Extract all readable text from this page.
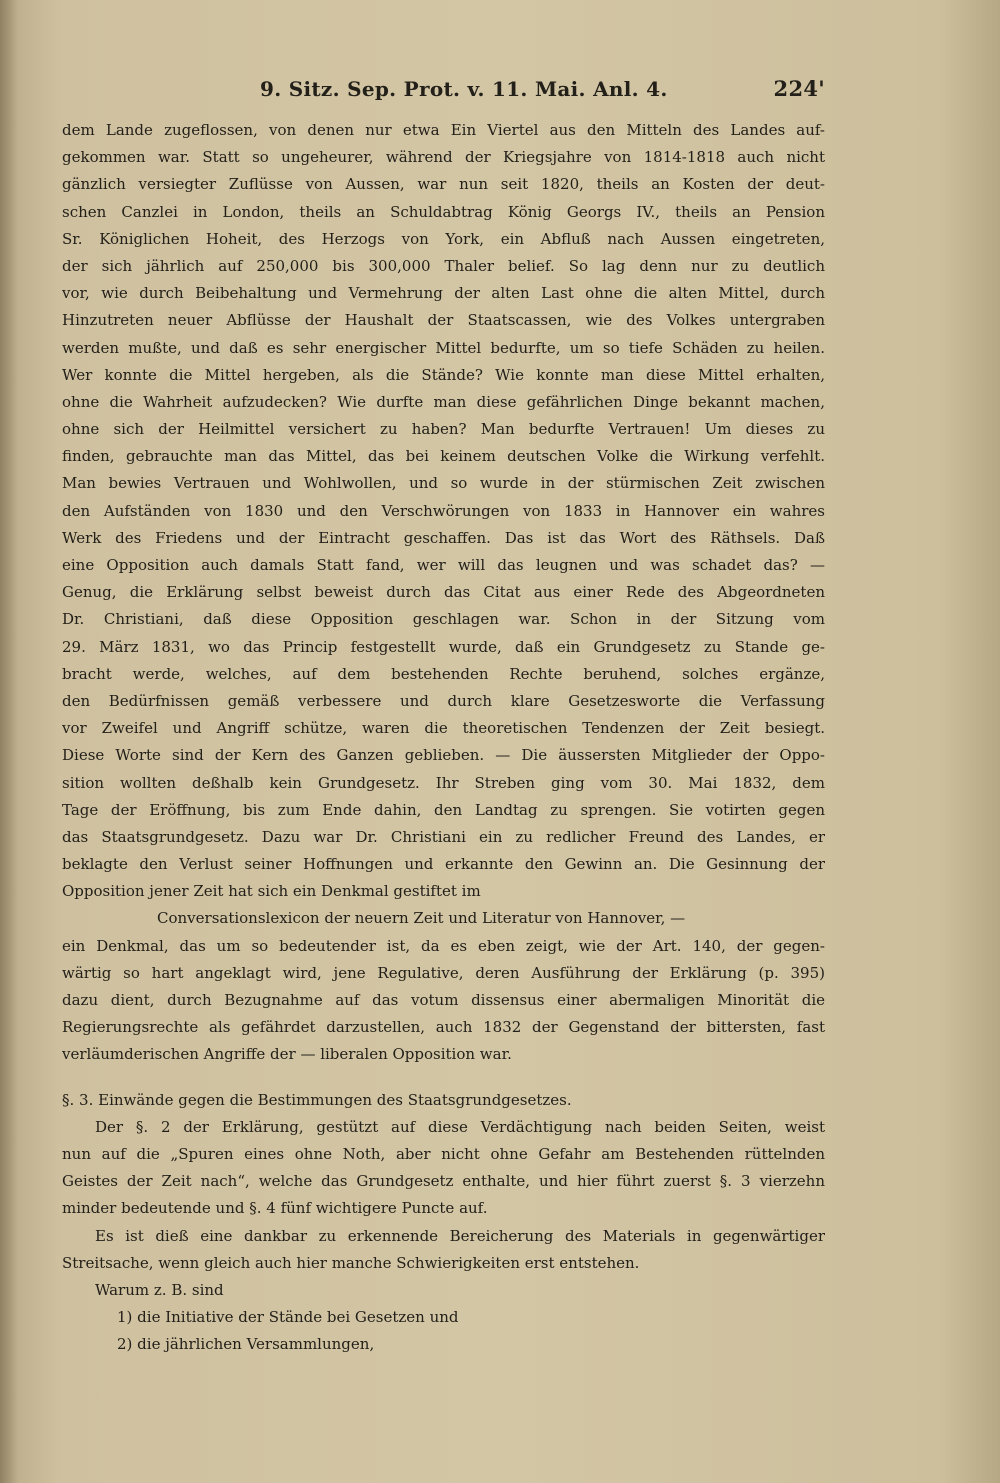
9. Sitz. Sep. Prot. v. 11. Mai. Anl. 4.	224'
dem Lande zugeflossen, von denen nur etwa Ein Viertel aus den Mitteln des Landes auf-
gekommen war. Statt so ungeheurer, während der Kriegsjahre von 1814-1818 auch nicht
gänzlich versiegter Zuflüsse von Aussen, war nun seit 1820, theils an Kosten der deut-
schen Canzlei in London, theils an Schuldabtrag König Georgs IV., theils an Pension
Sr. Königlichen Hoheit, des Herzogs von York, ein Abfluß nach Aussen eingetreten,
der sich jährlich auf 250,000 bis 300,000 Thaler belief. So lag denn nur zu deutlich
vor, wie durch Beibehaltung und Vermehrung der alten Last ohne die alten Mittel, durch
Hinzutreten neuer Abflüsse der Haushalt der Staatscassen, wie des Volkes untergraben
werden mußte, und daß es sehr energischer Mittel bedurfte, um so tiefe Schäden zu heilen.
Wer konnte die Mittel hergeben, als die Stände? Wie konnte man diese Mittel erhalten,
ohne die Wahrheit aufzudecken? Wie durfte man diese gefährlichen Dinge bekannt machen,
ohne sich der Heilmittel versichert zu haben? Man bedurfte Vertrauen! Um dieses zu
finden, gebrauchte man das Mittel, das bei keinem deutschen Volke die Wirkung verfehlt.
Man bewies Vertrauen und Wohlwollen, und so wurde in der stürmischen Zeit zwischen
den Aufständen von 1830 und den Verschwörungen von 1833 in Hannover ein wahres
Werk des Friedens und der Eintracht geschaffen. Das ist das Wort des Räthsels. Daß
eine Opposition auch damals Statt fand, wer will das leugnen und was schadet das? —
Genug, die Erklärung selbst beweist durch das Citat aus einer Rede des Abgeordneten
Dr. Christiani, daß diese Opposition geschlagen war. Schon in der Sitzung vom
29. März 1831, wo das Princip festgestellt wurde, daß ein Grundgesetz zu Stande ge-
bracht werde, welches, auf dem bestehenden Rechte beruhend, solches ergänze,
den Bedürfnissen gemäß verbessere und durch klare Gesetzesworte die Verfassung
vor Zweifel und Angriff schütze, waren die theoretischen Tendenzen der Zeit besiegt.
Diese Worte sind der Kern des Ganzen geblieben. — Die äussersten Mitglieder der Oppo-
sition wollten deßhalb kein Grundgesetz. Ihr Streben ging vom 30. Mai 1832, dem
Tage der Eröffnung, bis zum Ende dahin, den Landtag zu sprengen. Sie votirten gegen
das Staatsgrundgesetz. Dazu war Dr. Christiani ein zu redlicher Freund des Landes, er
beklagte den Verlust seiner Hoffnungen und erkannte den Gewinn an. Die Gesinnung der
Opposition jener Zeit hat sich ein Denkmal gestiftet im
Conversationslexicon der neuern Zeit und Literatur von Hannover, —
ein Denkmal, das um so bedeutender ist, da es eben zeigt, wie der Art. 140, der gegen-
wärtig so hart angeklagt wird, jene Regulative, deren Ausführung der Erklärung (p. 395)
dazu dient, durch Bezugnahme auf das votum dissensus einer abermaligen Minorität die
Regierungsrechte als gefährdet darzustellen, auch 1832 der Gegenstand der bittersten, fast
verläumderischen Angriffe der — liberalen Opposition war.
§. 3. Einwände gegen die Bestimmungen des Staatsgrundgesetzes.
Der §. 2 der Erklärung, gestützt auf diese Verdächtigung nach beiden Seiten, weist
nun auf die „Spuren eines ohne Noth, aber nicht ohne Gefahr am Bestehenden rüttelnden
Geistes der Zeit nach“, welche das Grundgesetz enthalte, und hier führt zuerst §. 3 vierzehn
minder bedeutende und §. 4 fünf wichtigere Puncte auf.
Es ist dieß eine dankbar zu erkennende Bereicherung des Materials in gegenwärtiger
Streitsache, wenn gleich auch hier manche Schwierigkeiten erst entstehen.
Warum z. B. sind
1) die Initiative der Stände bei Gesetzen und
2) die jährlichen Versammlungen,
